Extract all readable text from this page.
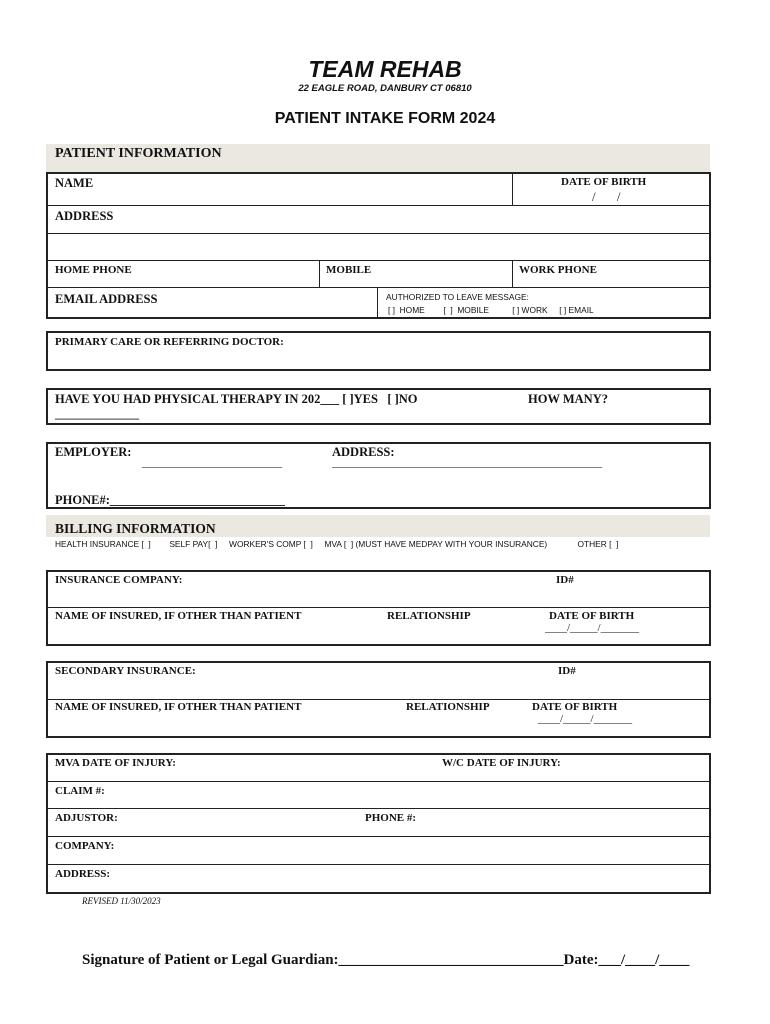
TEAM REHAB
22 EAGLE ROAD, DANBURY CT 06810
PATIENT INTAKE FORM 2024
PATIENT INFORMATION
NAME	DATE OF BIRTH
/ /
ADDRESS
HOME PHONE	MOBILE	WORK PHONE
EMAIL ADDRESS	AUTHORIZED TO LEAVE MESSAGE:
[ ]  HOME        [  ]  MOBILE          [ ] WORK     [ ] EMAIL
PRIMARY CARE OR REFERRING DOCTOR:
HAVE YOU HAD PHYSICAL THERAPY IN 202___ [ ]YES   [ ]NO	HOW MANY?
______________
EMPLOYER:	ADDRESS:
____________________________	______________________________________________________
PHONE#:____________________________
BILLING INFORMATION
HEALTH INSURANCE [  ]        SELF PAY[  ]     WORKER'S COMP [  ]     MVA [  ] (MUST HAVE MEDPAY WITH YOUR INSURANCE)             OTHER [  ]
INSURANCE COMPANY:	ID#
NAME OF INSURED, IF OTHER THAN PATIENT	RELATIONSHIP	DATE OF BIRTH
____/_____/_______
SECONDARY INSURANCE:	ID#
NAME OF INSURED, IF OTHER THAN PATIENT	RELATIONSHIP	DATE OF BIRTH
____/_____/_______
MVA DATE OF INJURY:	W/C DATE OF INJURY:
CLAIM #:
ADJUSTOR:	PHONE #:
COMPANY:
ADDRESS:
REVISED 11/30/2023
Signature of Patient or Legal Guardian:______________________________Date:___/____/____
